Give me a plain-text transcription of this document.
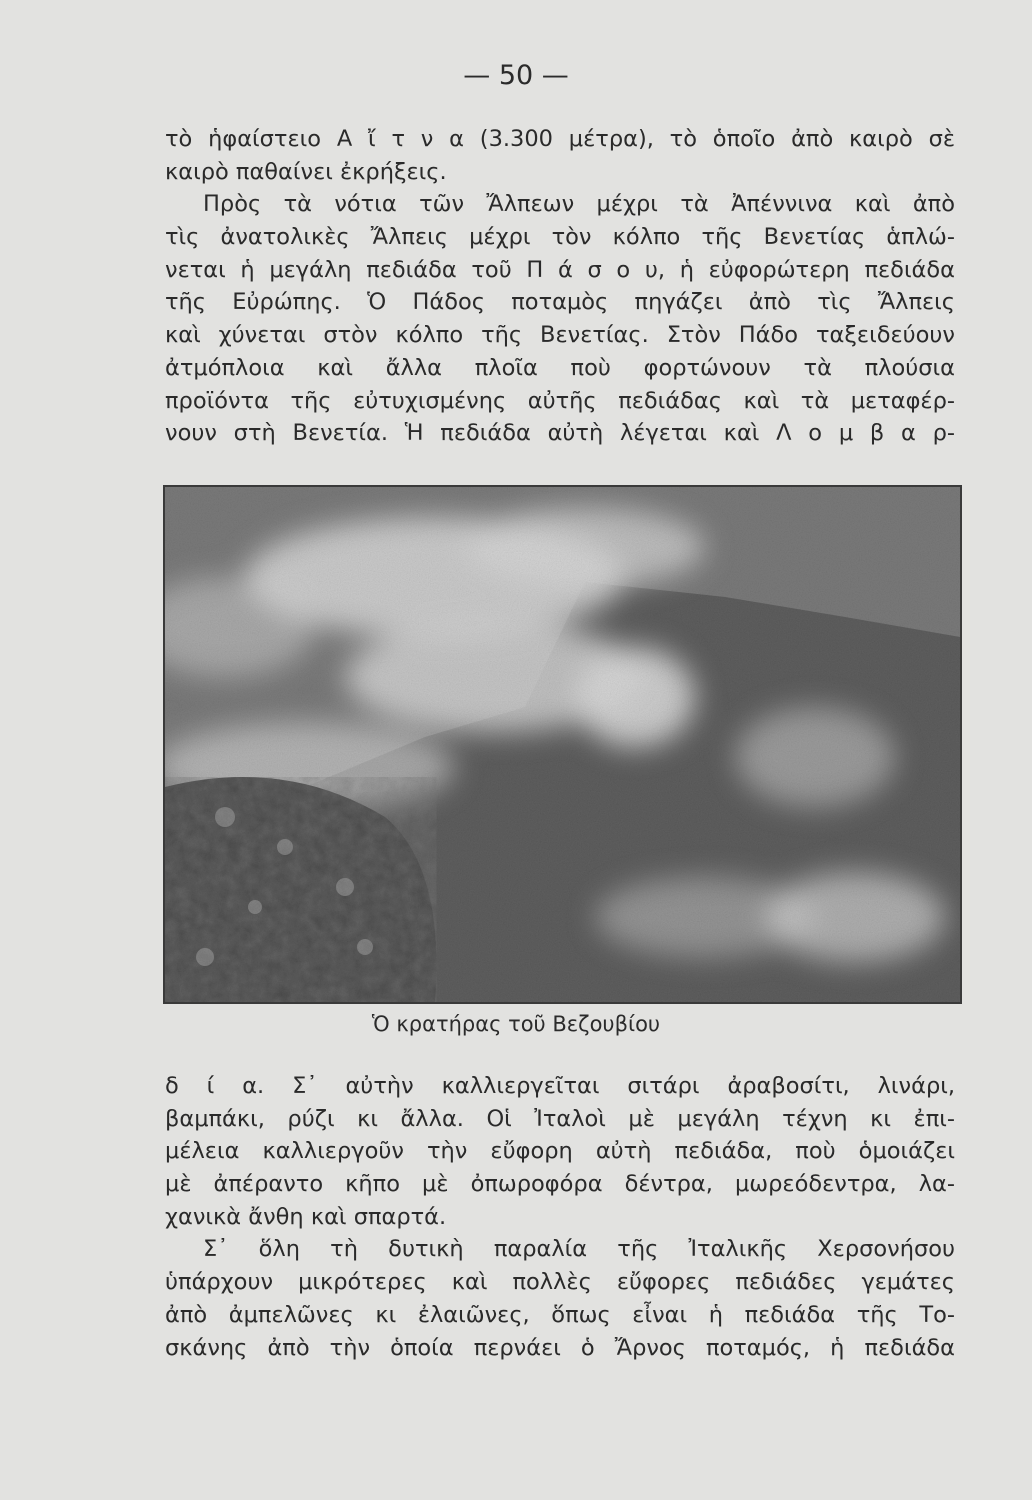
— 50 —
τὸ ἡφαίστειο Α ἴ τ ν α (3.300 μέτρα), τὸ ὁποῖο ἀπὸ καιρὸ σὲ
καιρὸ παθαίνει ἐκρήξεις.
Πρὸς τὰ νότια τῶν Ἄλπεων μέχρι τὰ Ἀπέννινα καὶ ἀπὸ
τὶς ἀνατολικὲς Ἄλπεις μέχρι τὸν κόλπο τῆς Βενετίας ἁπλώ-
νεται ἡ μεγάλη πεδιάδα τοῦ Π ά σ ο υ, ἡ εὐφορώτερη πεδιάδα
τῆς Εὐρώπης. Ὁ Πάδος ποταμὸς πηγάζει ἀπὸ τὶς Ἄλπεις
καὶ χύνεται στὸν κόλπο τῆς Βενετίας. Στὸν Πάδο ταξειδεύουν
ἀτμόπλοια καὶ ἄλλα πλοῖα ποὺ φορτώνουν τὰ πλούσια
προϊόντα τῆς εὐτυχισμένης αὐτῆς πεδιάδας καὶ τὰ μεταφέρ-
νουν στὴ Βενετία. Ἡ πεδιάδα αὐτὴ λέγεται καὶ Λ ο μ β α ρ-
Ὁ κρατήρας τοῦ Βεζουβίου
δ ί α. Σ᾽ αὐτὴν καλλιεργεῖται σιτάρι ἀραβοσίτι, λινάρι,
βαμπάκι, ρύζι κι ἄλλα. Οἱ Ἰταλοὶ μὲ μεγάλη τέχνη κι ἐπι-
μέλεια καλλιεργοῦν τὴν εὔφορη αὐτὴ πεδιάδα, ποὺ ὁμοιάζει
μὲ ἀπέραντο κῆπο μὲ ὀπωροφόρα δέντρα, μωρεόδεντρα, λα-
χανικὰ ἄνθη καὶ σπαρτά.
Σ᾽ ὅλη τὴ δυτικὴ παραλία τῆς Ἰταλικῆς Χερσονήσου
ὑπάρχουν μικρότερες καὶ πολλὲς εὔφορες πεδιάδες γεμάτες
ἀπὸ ἀμπελῶνες κι ἐλαιῶνες, ὅπως εἶναι ἡ πεδιάδα τῆς Το-
σκάνης ἀπὸ τὴν ὁποία περνάει ὁ Ἄρνος ποταμός, ἡ πεδιάδα
